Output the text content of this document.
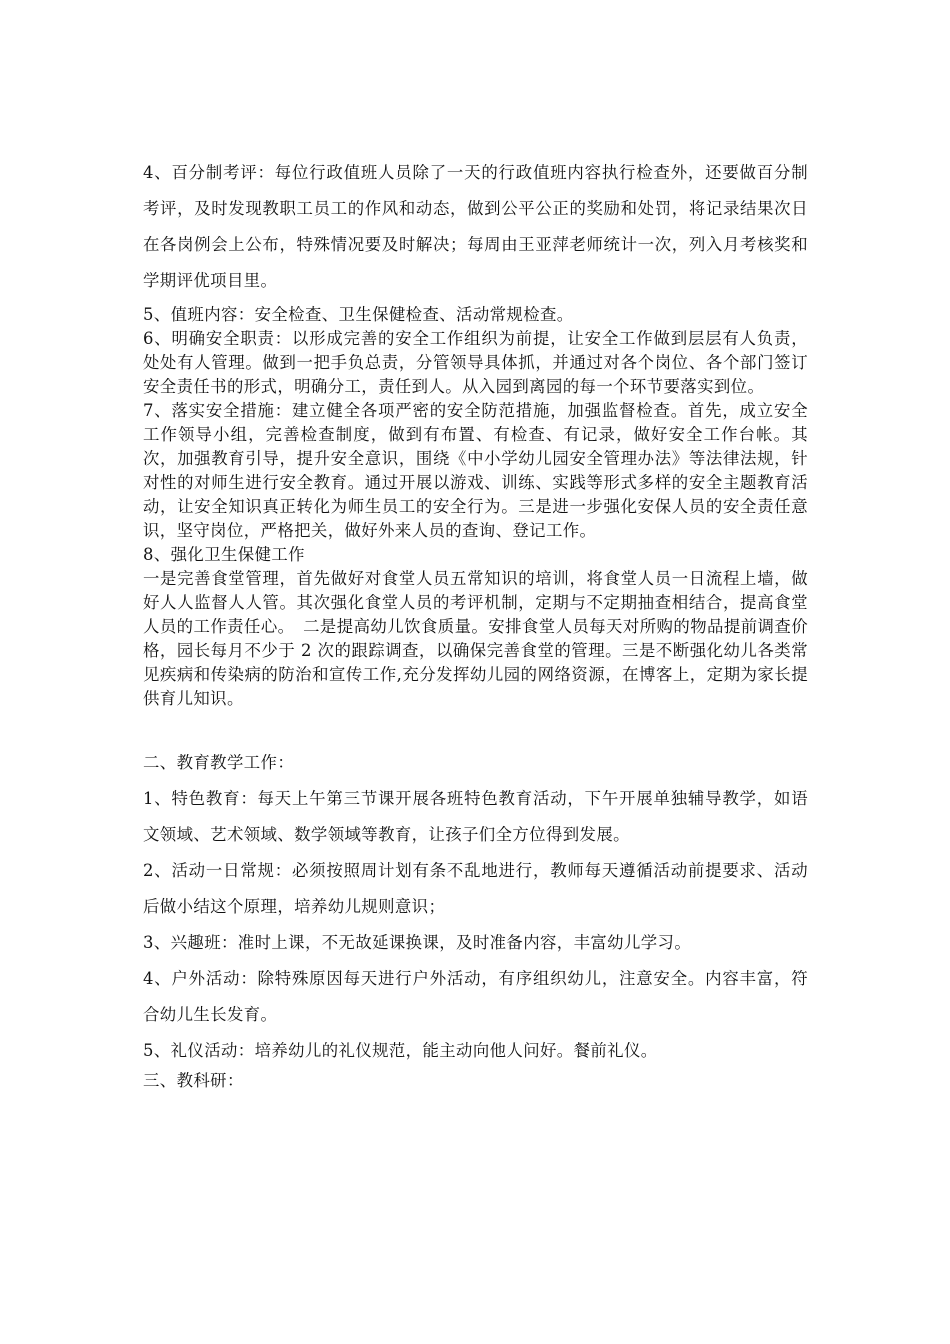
4、百分制考评：每位行政值班人员除了一天的行政值班内容执行检查外，还要做百分制考评，及时发现教职工员工的作风和动态，做到公平公正的奖励和处罚，将记录结果次日在各岗例会上公布，特殊情况要及时解决；每周由王亚萍老师统计一次，列入月考核奖和学期评优项目里。

5、值班内容：安全检查、卫生保健检查、活动常规检查。

6、明确安全职责：以形成完善的安全工作组织为前提，让安全工作做到层层有人负责，处处有人管理。做到一把手负总责，分管领导具体抓，并通过对各个岗位、各个部门签订安全责任书的形式，明确分工，责任到人。从入园到离园的每一个环节要落实到位。

7、落实安全措施：建立健全各项严密的安全防范措施，加强监督检查。首先，成立安全工作领导小组，完善检查制度，做到有布置、有检查、有记录，做好安全工作台帐。其次，加强教育引导，提升安全意识，围绕《中小学幼儿园安全管理办法》等法律法规，针对性的对师生进行安全教育。通过开展以游戏、训练、实践等形式多样的安全主题教育活动，让安全知识真正转化为师生员工的安全行为。三是进一步强化安保人员的安全责任意识，坚守岗位，严格把关，做好外来人员的查询、登记工作。

8、强化卫生保健工作

一是完善食堂管理，首先做好对食堂人员五常知识的培训，将食堂人员一日流程上墙，做好人人监督人人管。其次强化食堂人员的考评机制，定期与不定期抽查相结合，提高食堂人员的工作责任心。　二是提高幼儿饮食质量。安排食堂人员每天对所购的物品提前调查价格，园长每月不少于 2 次的跟踪调查，以确保完善食堂的管理。三是不断强化幼儿各类常见疾病和传染病的防治和宣传工作,充分发挥幼儿园的网络资源，在博客上，定期为家长提供育儿知识。

二、教育教学工作：

1、特色教育：每天上午第三节课开展各班特色教育活动，下午开展单独辅导教学，如语文领域、艺术领域、数学领域等教育，让孩子们全方位得到发展。

2、活动一日常规：必须按照周计划有条不乱地进行，教师每天遵循活动前提要求、活动后做小结这个原理，培养幼儿规则意识；

3、兴趣班：准时上课，不无故延课换课，及时准备内容，丰富幼儿学习。

4、户外活动：除特殊原因每天进行户外活动，有序组织幼儿，注意安全。内容丰富，符合幼儿生长发育。

5、礼仪活动：培养幼儿的礼仪规范，能主动向他人问好。餐前礼仪。

三、教科研：
